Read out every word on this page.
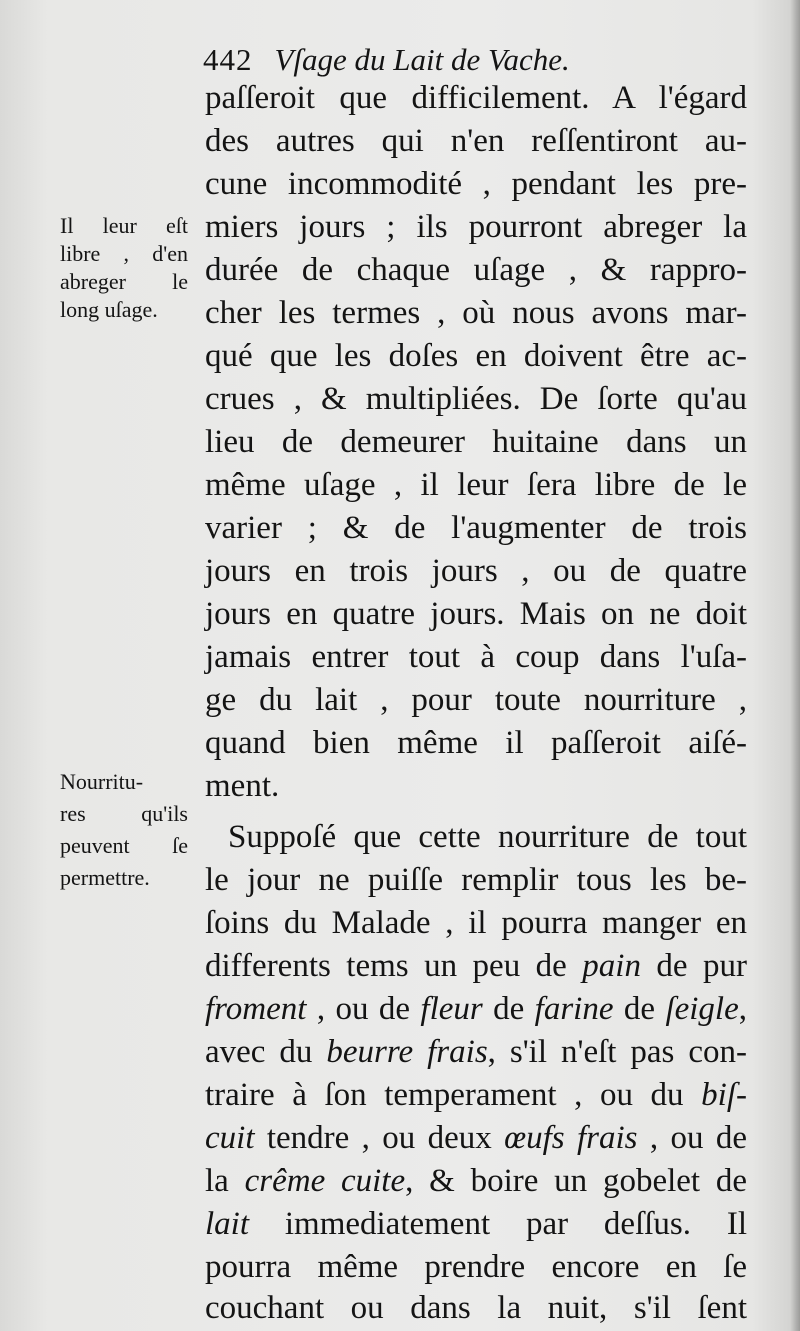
442 Vſage du Lait de Vache.
Il leur eſt
libre , d'en
abreger le
long uſage.
Nourritu-
res qu'ils
peuvent ſe
permettre.
paſſeroit que difficilement. A l'égard
des autres qui n'en reſſentiront au-
cune incommodité , pendant les pre-
miers jours ; ils pourront abreger la
durée de chaque uſage , & rappro-
cher les termes , où nous avons mar-
qué que les doſes en doivent être ac-
crues , & multipliées. De ſorte qu'au
lieu de demeurer huitaine dans un
même uſage , il leur ſera libre de le
varier ; & de l'augmenter de trois
jours en trois jours , ou de quatre
jours en quatre jours. Mais on ne doit
jamais entrer tout à coup dans l'uſa-
ge du lait , pour toute nourriture ,
quand bien même il paſſeroit aiſé-
ment.
Suppoſé que cette nourriture de tout
le jour ne puiſſe remplir tous les be-
ſoins du Malade , il pourra manger en
differents tems un peu de pain de pur
froment , ou de fleur de farine de ſeigle,
avec du beurre frais, s'il n'eſt pas con-
traire à ſon temperament , ou du biſ-
cuit tendre , ou deux œufs frais , ou de
la crême cuite, & boire un gobelet de
lait immediatement par deſſus. Il
pourra même prendre encore en ſe
couchant ou dans la nuit, s'il ſent
